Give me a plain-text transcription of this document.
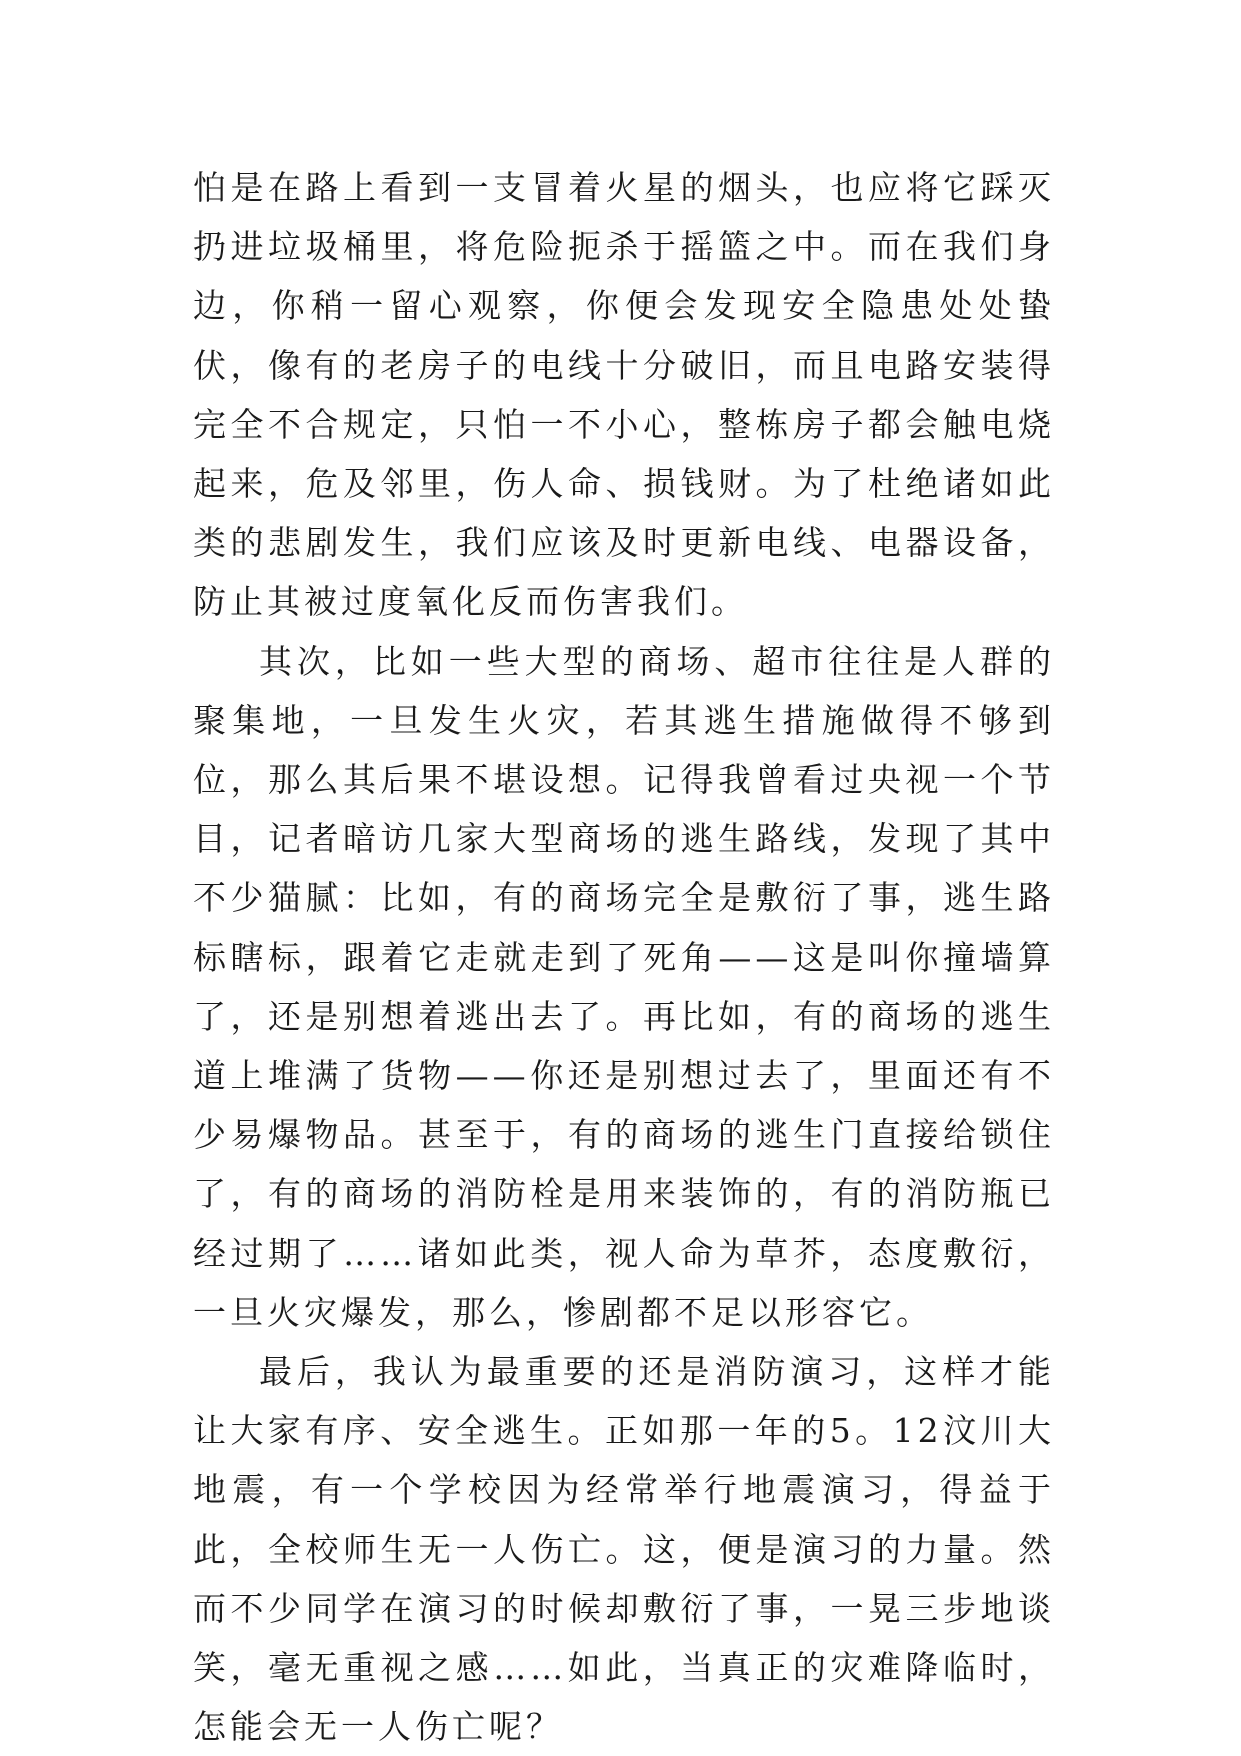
怕是在路上看到一支冒着火星的烟头，也应将它踩灭扔进垃圾桶里，将危险扼杀于摇篮之中。而在我们身边，你稍一留心观察，你便会发现安全隐患处处蛰伏，像有的老房子的电线十分破旧，而且电路安装得完全不合规定，只怕一不小心，整栋房子都会触电烧起来，危及邻里，伤人命、损钱财。为了杜绝诸如此类的悲剧发生，我们应该及时更新电线、电器设备，防止其被过度氧化反而伤害我们。

其次，比如一些大型的商场、超市往往是人群的聚集地，一旦发生火灾，若其逃生措施做得不够到位，那么其后果不堪设想。记得我曾看过央视一个节目，记者暗访几家大型商场的逃生路线，发现了其中不少猫腻：比如，有的商场完全是敷衍了事，逃生路标瞎标，跟着它走就走到了死角——这是叫你撞墙算了，还是别想着逃出去了。再比如，有的商场的逃生道上堆满了货物——你还是别想过去了，里面还有不少易爆物品。甚至于，有的商场的逃生门直接给锁住了，有的商场的消防栓是用来装饰的，有的消防瓶已经过期了……诸如此类，视人命为草芥，态度敷衍，一旦火灾爆发，那么，惨剧都不足以形容它。

最后，我认为最重要的还是消防演习，这样才能让大家有序、安全逃生。正如那一年的5。12汶川大地震，有一个学校因为经常举行地震演习，得益于此，全校师生无一人伤亡。这，便是演习的力量。然而不少同学在演习的时候却敷衍了事，一晃三步地谈笑，毫无重视之感……如此，当真正的灾难降临时，怎能会无一人伤亡呢？
